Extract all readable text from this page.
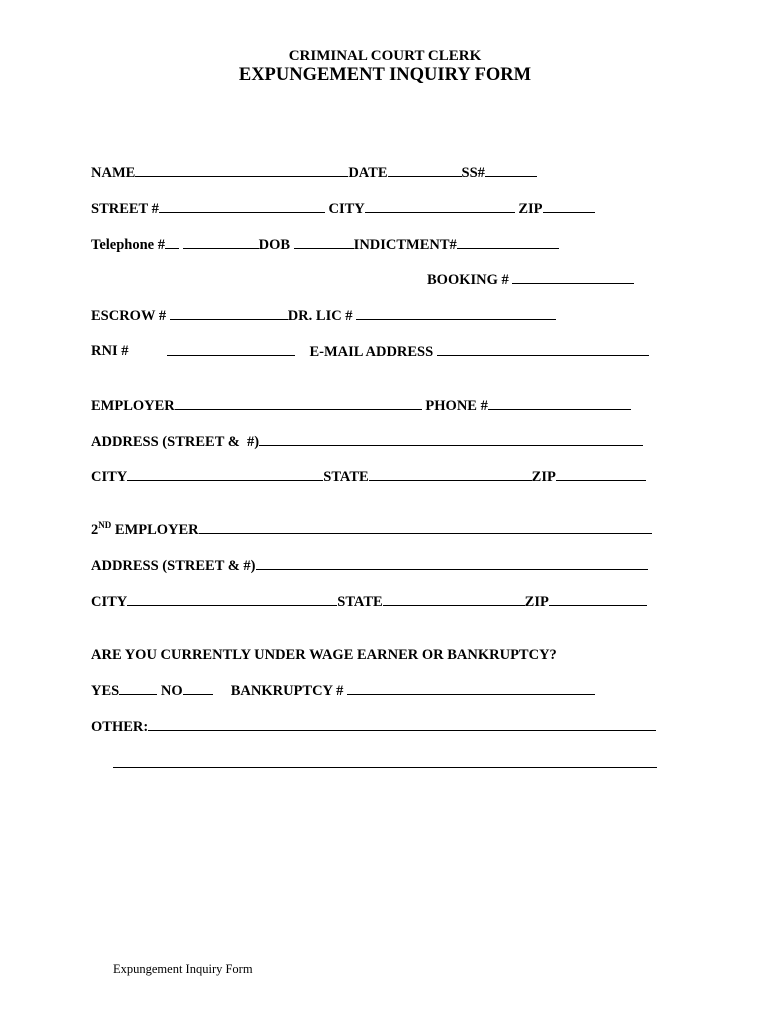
CRIMINAL COURT CLERK
EXPUNGEMENT INQUIRY FORM
NAME	DATE	SS#
STREET #	CITY	ZIP
Telephone #	DOB	INDICTMENT#
BOOKING #
ESCROW #	DR. LIC #
RNI #	E-MAIL ADDRESS
EMPLOYER	PHONE #
ADDRESS (STREET &  #)
CITY	STATE	ZIP
2ND EMPLOYER
ADDRESS (STREET & #)
CITY	STATE	ZIP
ARE YOU CURRENTLY UNDER WAGE EARNER OR BANKRUPTCY?
YES	NO	BANKRUPTCY #
OTHER:
Expungement Inquiry Form
